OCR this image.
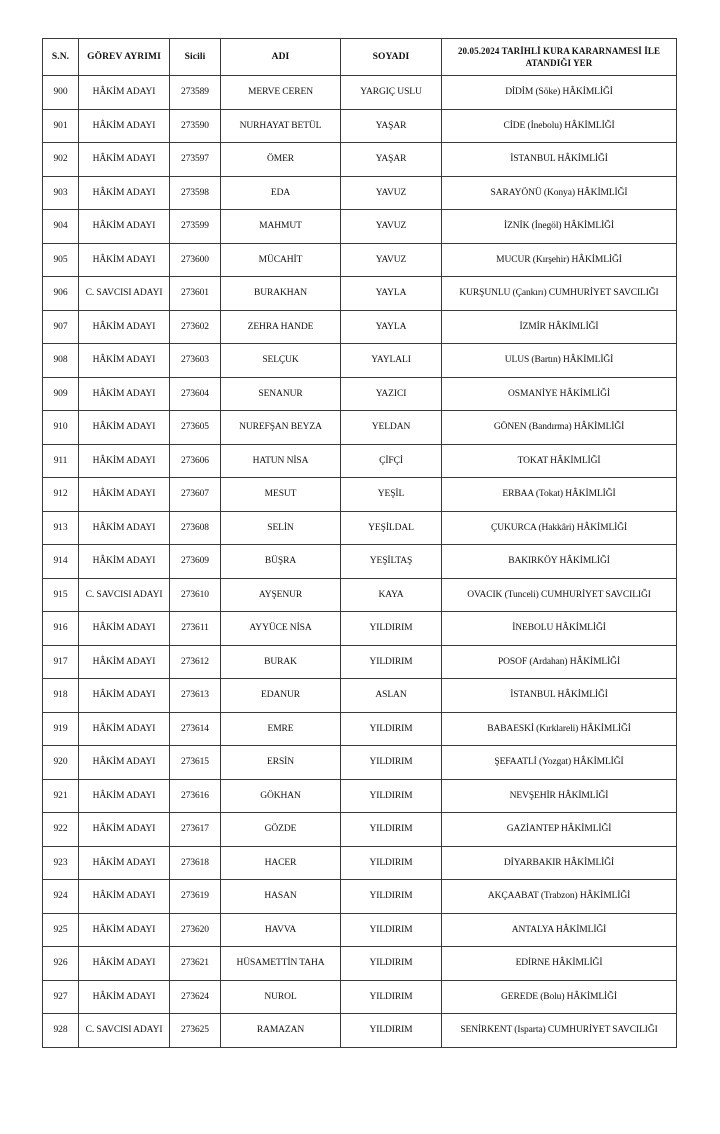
S.N.	GÖREV AYRIMI	Sicili	ADI	SOYADI	20.05.2024 TARİHLİ KURA KARARNAMESİ İLE ATANDIĞI YER
900	HÂKİM ADAYI	273589	MERVE CEREN	YARGIÇ USLU	DİDİM (Söke) HÂKİMLİĞİ
901	HÂKİM ADAYI	273590	NURHAYAT BETÜL	YAŞAR	CİDE (İnebolu) HÂKİMLİĞİ
902	HÂKİM ADAYI	273597	ÖMER	YAŞAR	İSTANBUL HÂKİMLİĞİ
903	HÂKİM ADAYI	273598	EDA	YAVUZ	SARAYÖNÜ (Konya) HÂKİMLİĞİ
904	HÂKİM ADAYI	273599	MAHMUT	YAVUZ	İZNİK (İnegöl) HÂKİMLİĞİ
905	HÂKİM ADAYI	273600	MÜCAHİT	YAVUZ	MUCUR (Kırşehir) HÂKİMLİĞİ
906	C. SAVCISI ADAYI	273601	BURAKHAN	YAYLA	KURŞUNLU (Çankırı) CUMHURİYET SAVCILIĞI
907	HÂKİM ADAYI	273602	ZEHRA HANDE	YAYLA	İZMİR HÂKİMLİĞİ
908	HÂKİM ADAYI	273603	SELÇUK	YAYLALI	ULUS (Bartın) HÂKİMLİĞİ
909	HÂKİM ADAYI	273604	SENANUR	YAZICI	OSMANİYE HÂKİMLİĞİ
910	HÂKİM ADAYI	273605	NUREFŞAN BEYZA	YELDAN	GÖNEN (Bandırma) HÂKİMLİĞİ
911	HÂKİM ADAYI	273606	HATUN NİSA	ÇİFÇİ	TOKAT HÂKİMLİĞİ
912	HÂKİM ADAYI	273607	MESUT	YEŞİL	ERBAA (Tokat) HÂKİMLİĞİ
913	HÂKİM ADAYI	273608	SELİN	YEŞİLDAL	ÇUKURCA (Hakkâri) HÂKİMLİĞİ
914	HÂKİM ADAYI	273609	BÜŞRA	YEŞİLTAŞ	BAKIRKÖY HÂKİMLİĞİ
915	C. SAVCISI ADAYI	273610	AYŞENUR	KAYA	OVACIK (Tunceli) CUMHURİYET SAVCILIĞI
916	HÂKİM ADAYI	273611	AYYÜCE NİSA	YILDIRIM	İNEBOLU HÂKİMLİĞİ
917	HÂKİM ADAYI	273612	BURAK	YILDIRIM	POSOF (Ardahan) HÂKİMLİĞİ
918	HÂKİM ADAYI	273613	EDANUR	ASLAN	İSTANBUL HÂKİMLİĞİ
919	HÂKİM ADAYI	273614	EMRE	YILDIRIM	BABAESKİ (Kırklareli) HÂKİMLİĞİ
920	HÂKİM ADAYI	273615	ERSİN	YILDIRIM	ŞEFAATLİ (Yozgat) HÂKİMLİĞİ
921	HÂKİM ADAYI	273616	GÖKHAN	YILDIRIM	NEVŞEHİR HÂKİMLİĞİ
922	HÂKİM ADAYI	273617	GÖZDE	YILDIRIM	GAZİANTEP HÂKİMLİĞİ
923	HÂKİM ADAYI	273618	HACER	YILDIRIM	DİYARBAKIR HÂKİMLİĞİ
924	HÂKİM ADAYI	273619	HASAN	YILDIRIM	AKÇAABAT (Trabzon) HÂKİMLİĞİ
925	HÂKİM ADAYI	273620	HAVVA	YILDIRIM	ANTALYA HÂKİMLİĞİ
926	HÂKİM ADAYI	273621	HÜSAMETTİN TAHA	YILDIRIM	EDİRNE HÂKİMLİĞİ
927	HÂKİM ADAYI	273624	NUROL	YILDIRIM	GEREDE (Bolu) HÂKİMLİĞİ
928	C. SAVCISI ADAYI	273625	RAMAZAN	YILDIRIM	SENİRKENT (Isparta) CUMHURİYET SAVCILIĞI
